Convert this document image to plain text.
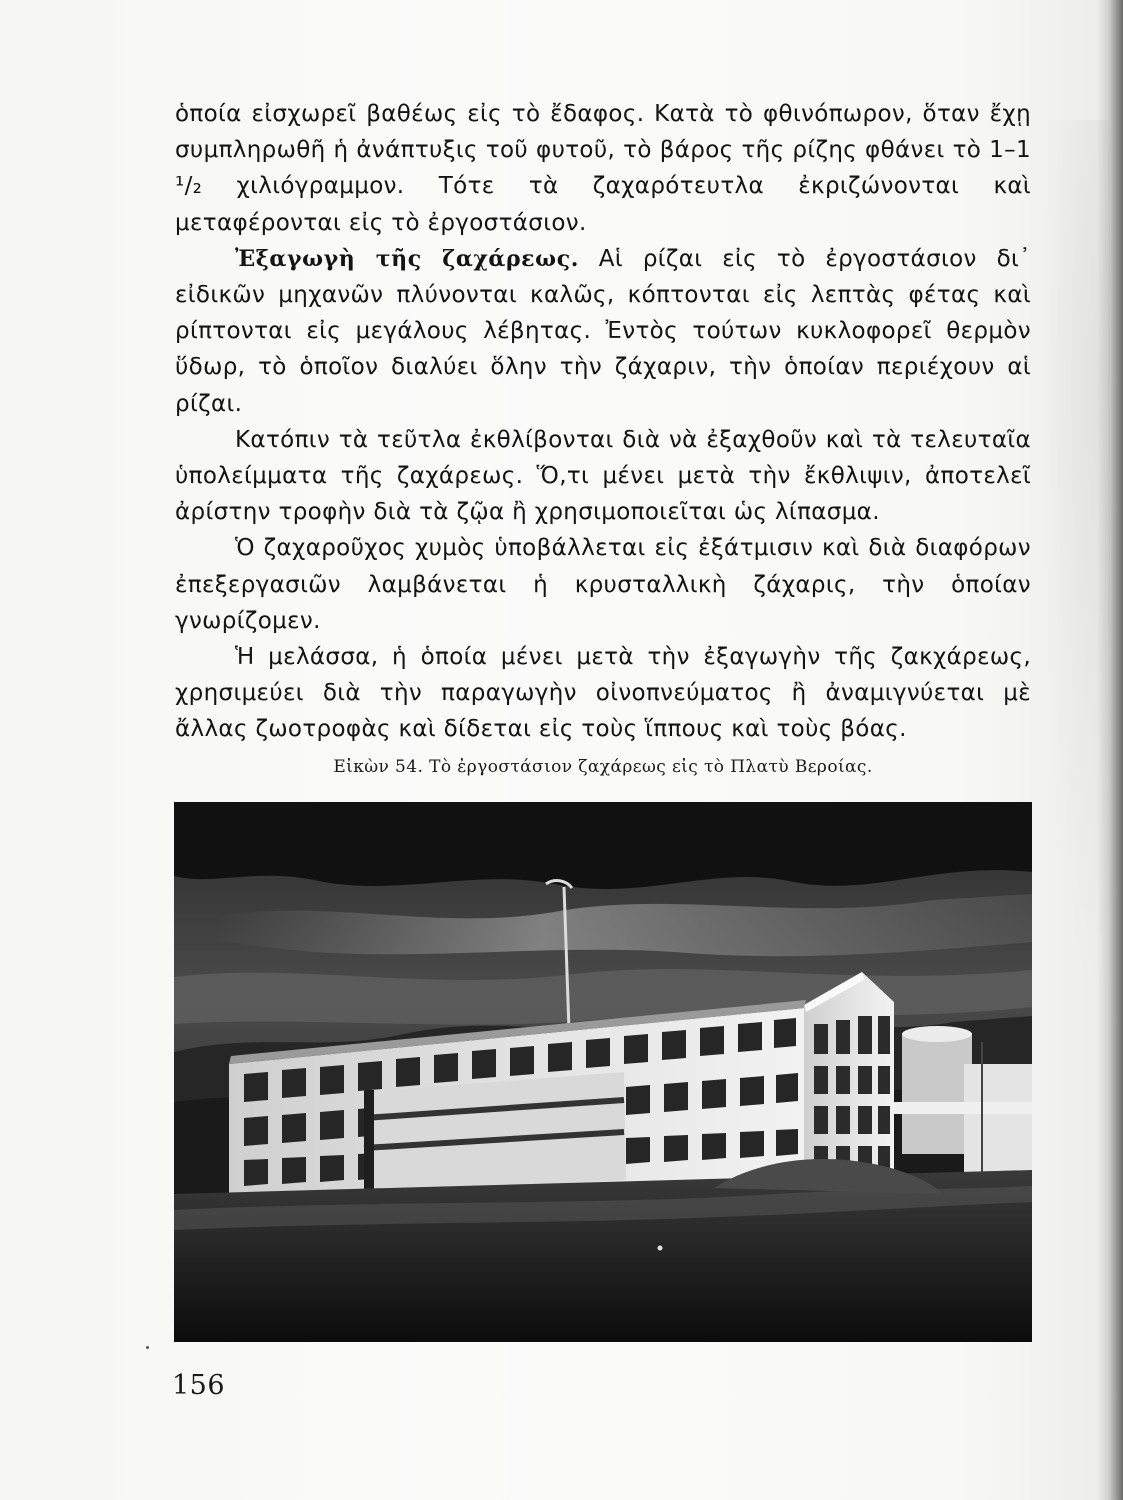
ὁποία εἰσχωρεῖ βαθέως εἰς τὸ ἔδαφος. Κατὰ τὸ φθινόπωρον, ὅταν ἔχῃ συμπληρωθῆ ἡ ἀνάπτυξις τοῦ φυτοῦ, τὸ βάρος τῆς ρίζης φθάνει τὸ 1–1 ¹/₂ χιλιόγραμμον. Τότε τὰ ζαχαρότευτλα ἐκριζώνονται καὶ μεταφέρονται εἰς τὸ ἐργοστάσιον.

Ἐξαγωγὴ τῆς ζαχάρεως. Αἱ ρίζαι εἰς τὸ ἐργοστάσιον δι᾿ εἰδικῶν μηχανῶν πλύνονται καλῶς, κόπτονται εἰς λεπτὰς φέτας καὶ ρίπτονται εἰς μεγάλους λέβητας. Ἐντὸς τούτων κυκλοφορεῖ θερμὸν ὕδωρ, τὸ ὁποῖον διαλύει ὅλην τὴν ζάχαριν, τὴν ὁποίαν περιέχουν αἱ ρίζαι.

Κατόπιν τὰ τεῦτλα ἐκθλίβονται διὰ νὰ ἐξαχθοῦν καὶ τὰ τελευταῖα ὑπολείμματα τῆς ζαχάρεως. Ὅ,τι μένει μετὰ τὴν ἔκθλιψιν, ἀποτελεῖ ἀρίστην τροφὴν διὰ τὰ ζῷα ἢ χρησιμοποιεῖται ὡς λίπασμα.

Ὁ ζαχαροῦχος χυμὸς ὑποβάλλεται εἰς ἐξάτμισιν καὶ διὰ διαφόρων ἐπεξεργασιῶν λαμβάνεται ἡ κρυσταλλικὴ ζάχαρις, τὴν ὁποίαν γνωρίζομεν.

Ἡ μελάσσα, ἡ ὁποία μένει μετὰ τὴν ἐξαγωγὴν τῆς ζακχάρεως, χρησιμεύει διὰ τὴν παραγωγὴν οἰνοπνεύματος ἢ ἀναμιγνύεται μὲ ἄλλας ζωοτροφὰς καὶ δίδεται εἰς τοὺς ἵππους καὶ τοὺς βόας.

Εἰκὼν 54. Τὸ ἐργοστάσιον ζαχάρεως εἰς τὸ Πλατὺ Βεροίας.
156
